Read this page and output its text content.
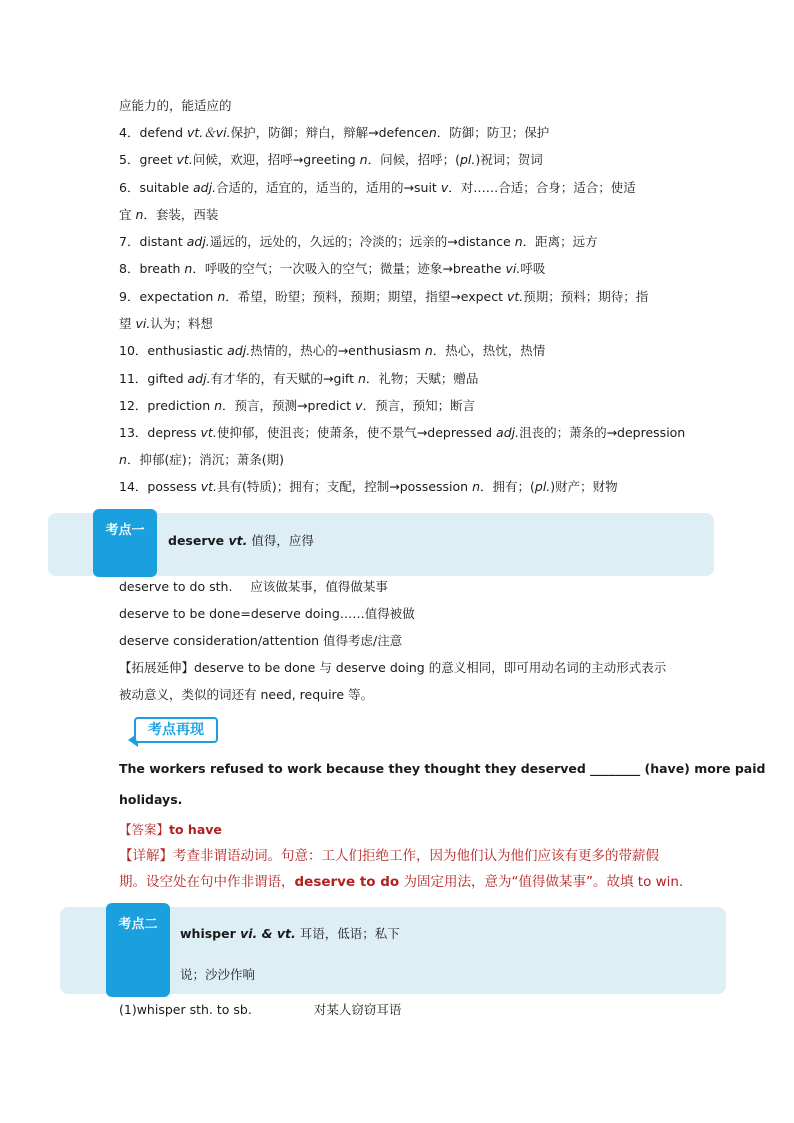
应能力的，能适应的
4．defend vt.＆vi.保护，防御；辩白，辩解→defencen．防御；防卫；保护
5．greet vt.问候，欢迎，招呼→greeting n．问候，招呼；(pl.)祝词；贺词
6．suitable adj.合适的，适宜的，适当的，适用的→suit v．对……合适；合身；适合；使适
宜 n．套装，西装
7．distant adj.遥远的，远处的，久远的；冷淡的；远亲的→distance n．距离；远方
8．breath n．呼吸的空气；一次吸入的空气；微量；迹象→breathe vi.呼吸
9．expectation n．希望，盼望；预料，预期；期望，指望→expect vt.预期；预料；期待；指
望 vi.认为；料想
10．enthusiastic adj.热情的，热心的→enthusiasm n．热心，热忱，热情
11．gifted adj.有才华的，有天赋的→gift n．礼物；天赋；赠品
12．prediction n．预言，预测→predict v．预言，预知；断言
13．depress vt.使抑郁，使沮丧；使萧条，使不景气→depressed adj.沮丧的；萧条的→depression
n．抑郁(症)；消沉；萧条(期)
14．possess vt.具有(特质)；拥有；支配，控制→possession n．拥有；(pl.)财产；财物
考点一
deserve vt. 值得，应得
deserve to do sth. 应该做某事，值得做某事
deserve to be done=deserve doing……值得被做
deserve consideration/attention 值得考虑/注意
【拓展延伸】deserve to be done 与 deserve doing 的意义相同，即可用动名词的主动形式表示
被动意义，类似的词还有 need, require 等。
考点再现
The workers refused to work because they thought they deserved ________ (have) more paid
holidays.
【答案】to have
【详解】考查非谓语动词。句意：工人们拒绝工作，因为他们认为他们应该有更多的带薪假
期。设空处在句中作非谓语，deserve to do 为固定用法，意为“值得做某事”。故填 to win.
考点二
whisper vi. & vt. 耳语，低语；私下
说；沙沙作响
(1)whisper sth. to sb.	对某人窃窃耳语
